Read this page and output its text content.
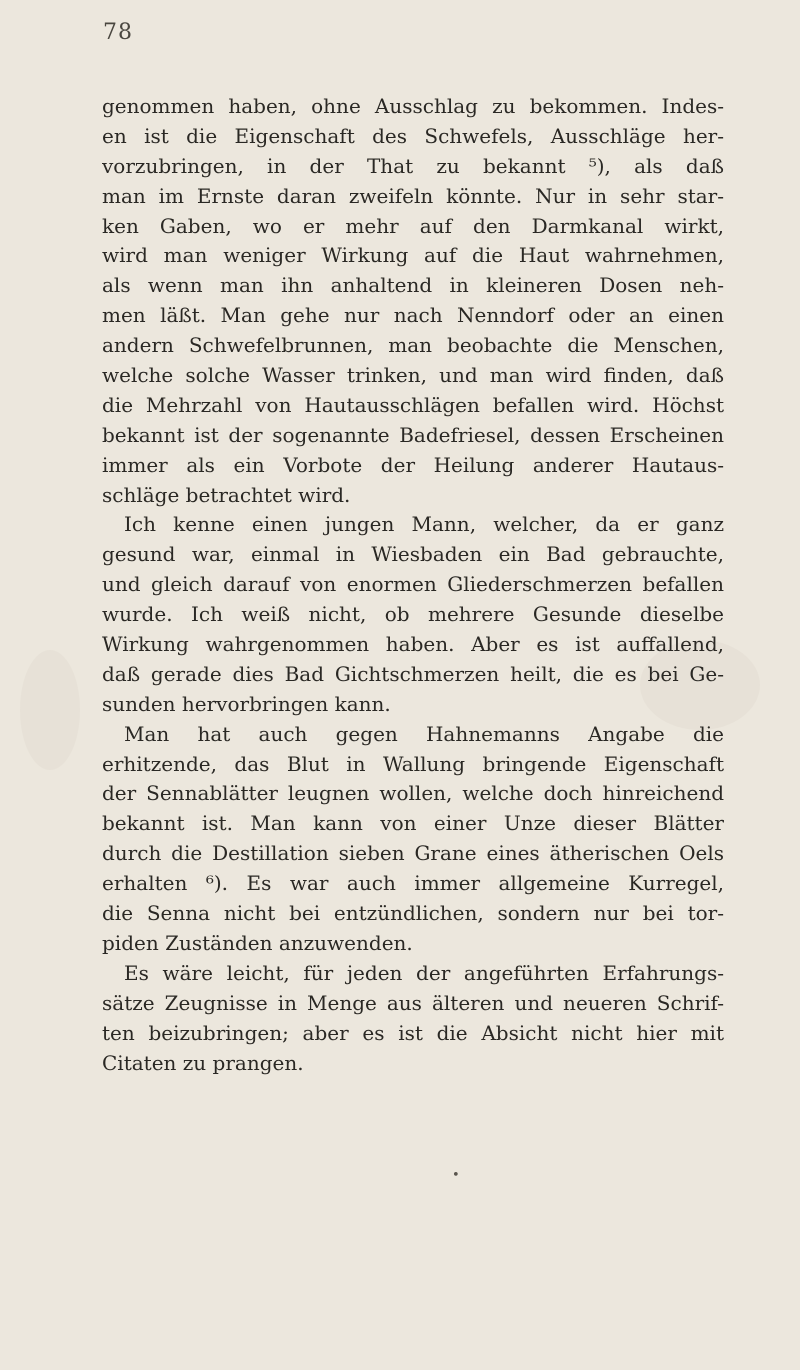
78
genommen haben, ohne Ausschlag zu bekommen. Indes-
en ist die Eigenschaft des Schwefels, Ausschläge her-
vorzubringen, in der That zu bekannt ⁵), als daß
man im Ernste daran zweifeln könnte. Nur in sehr star-
ken Gaben, wo er mehr auf den Darmkanal wirkt,
wird man weniger Wirkung auf die Haut wahrnehmen,
als wenn man ihn anhaltend in kleineren Dosen neh-
men läßt. Man gehe nur nach Nenndorf oder an einen
andern Schwefelbrunnen, man beobachte die Menschen,
welche solche Wasser trinken, und man wird finden, daß
die Mehrzahl von Hautausschlägen befallen wird. Höchst
bekannt ist der sogenannte Badefriesel, dessen Erscheinen
immer als ein Vorbote der Heilung anderer Hautaus-
schläge betrachtet wird.
Ich kenne einen jungen Mann, welcher, da er ganz
gesund war, einmal in Wiesbaden ein Bad gebrauchte,
und gleich darauf von enormen Gliederschmerzen befallen
wurde. Ich weiß nicht, ob mehrere Gesunde dieselbe
Wirkung wahrgenommen haben. Aber es ist auffallend,
daß gerade dies Bad Gichtschmerzen heilt, die es bei Ge-
sunden hervorbringen kann.
Man hat auch gegen Hahnemanns Angabe die
erhitzende, das Blut in Wallung bringende Eigenschaft
der Sennablätter leugnen wollen, welche doch hinreichend
bekannt ist. Man kann von einer Unze dieser Blätter
durch die Destillation sieben Grane eines ätherischen Oels
erhalten ⁶). Es war auch immer allgemeine Kurregel,
die Senna nicht bei entzündlichen, sondern nur bei tor-
piden Zuständen anzuwenden.
Es wäre leicht, für jeden der angeführten Erfahrungs-
sätze Zeugnisse in Menge aus älteren und neueren Schrif-
ten beizubringen; aber es ist die Absicht nicht hier mit
Citaten zu prangen.
•
